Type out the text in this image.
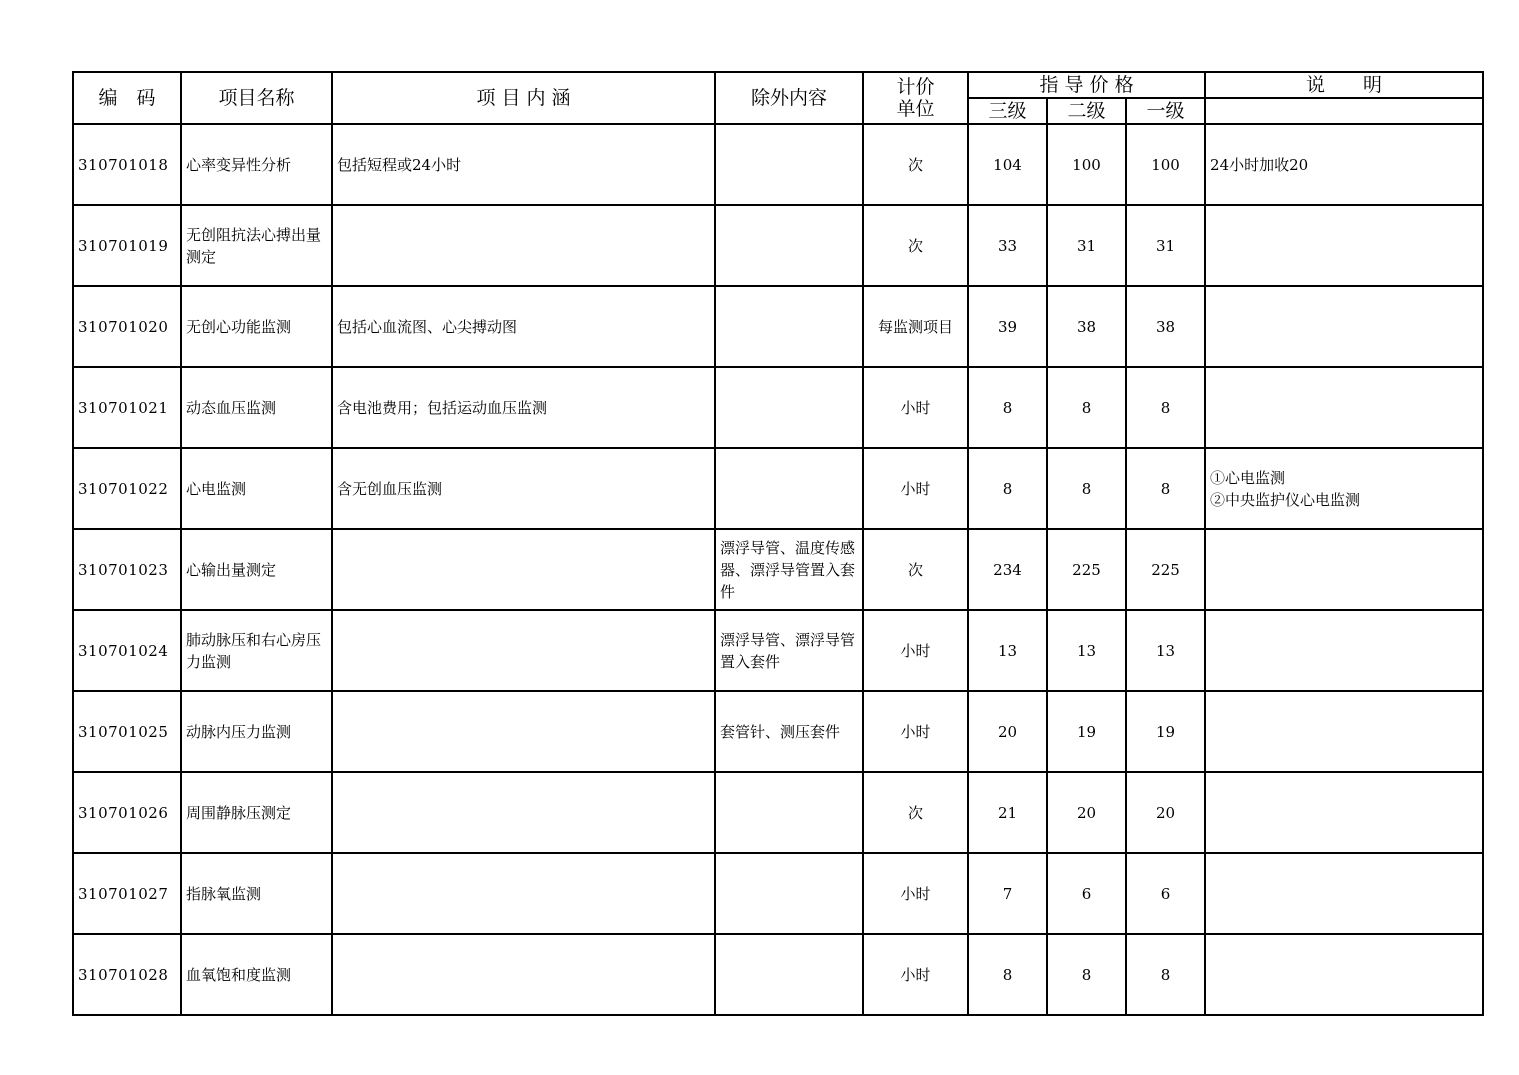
编　码	项目名称	项 目 内 涵	除外内容	计价
单位	指 导 价 格			说　　明
					三级	二级	一级	
310701018	心率变异性分析	包括短程或24小时		次	104	100	100	24小时加收20
310701019	无创阻抗法心搏出量测定			次	33	31	31	
310701020	无创心功能监测	包括心血流图、心尖搏动图		每监测项目	39	38	38	
310701021	动态血压监测	含电池费用；包括运动血压监测		小时	8	8	8	
310701022	心电监测	含无创血压监测		小时	8	8	8	①心电监测
②中央监护仪心电监测
310701023	心输出量测定		漂浮导管、温度传感器、漂浮导管置入套件	次	234	225	225	
310701024	肺动脉压和右心房压力监测		漂浮导管、漂浮导管置入套件	小时	13	13	13	
310701025	动脉内压力监测		套管针、测压套件	小时	20	19	19	
310701026	周围静脉压测定			次	21	20	20	
310701027	指脉氧监测			小时	7	6	6	
310701028	血氧饱和度监测			小时	8	8	8	
